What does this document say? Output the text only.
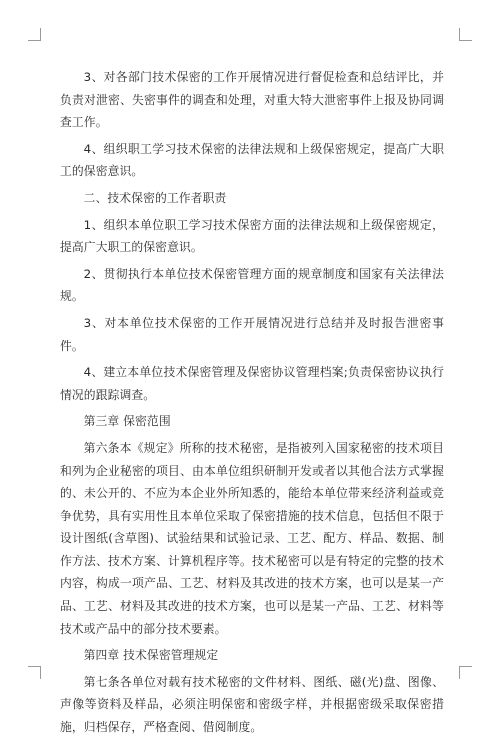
3、对各部门技术保密的工作开展情况进行督促检查和总结评比，并负责对泄密、失密事件的调查和处理，对重大特大泄密事件上报及协同调查工作。

4、组织职工学习技术保密的法律法规和上级保密规定，提高广大职工的保密意识。

二、技术保密的工作者职责

1、组织本单位职工学习技术保密方面的法律法规和上级保密规定，提高广大职工的保密意识。

2、贯彻执行本单位技术保密管理方面的规章制度和国家有关法律法规。

3、对本单位技术保密的工作开展情况进行总结并及时报告泄密事件。

4、建立本单位技术保密管理及保密协议管理档案;负责保密协议执行情况的跟踪调查。

第三章 保密范围

第六条本《规定》所称的技术秘密，是指被列入国家秘密的技术项目和列为企业秘密的项目、由本单位组织研制开发或者以其他合法方式掌握的、未公开的、不应为本企业外所知悉的，能给本单位带来经济利益或竞争优势，具有实用性且本单位采取了保密措施的技术信息，包括但不限于设计图纸(含草图)、试验结果和试验记录、工艺、配方、样品、数据、制作方法、技术方案、计算机程序等。技术秘密可以是有特定的完整的技术内容，构成一项产品、工艺、材料及其改进的技术方案，也可以是某一产品、工艺、材料及其改进的技术方案，也可以是某一产品、工艺、材料等技术或产品中的部分技术要素。

第四章 技术保密管理规定

第七条各单位对载有技术秘密的文件材料、图纸、磁(光)盘、图像、声像等资料及样品，必须注明保密和密级字样，并根据密级采取保密措施，归档保存，严格查阅、借阅制度。
